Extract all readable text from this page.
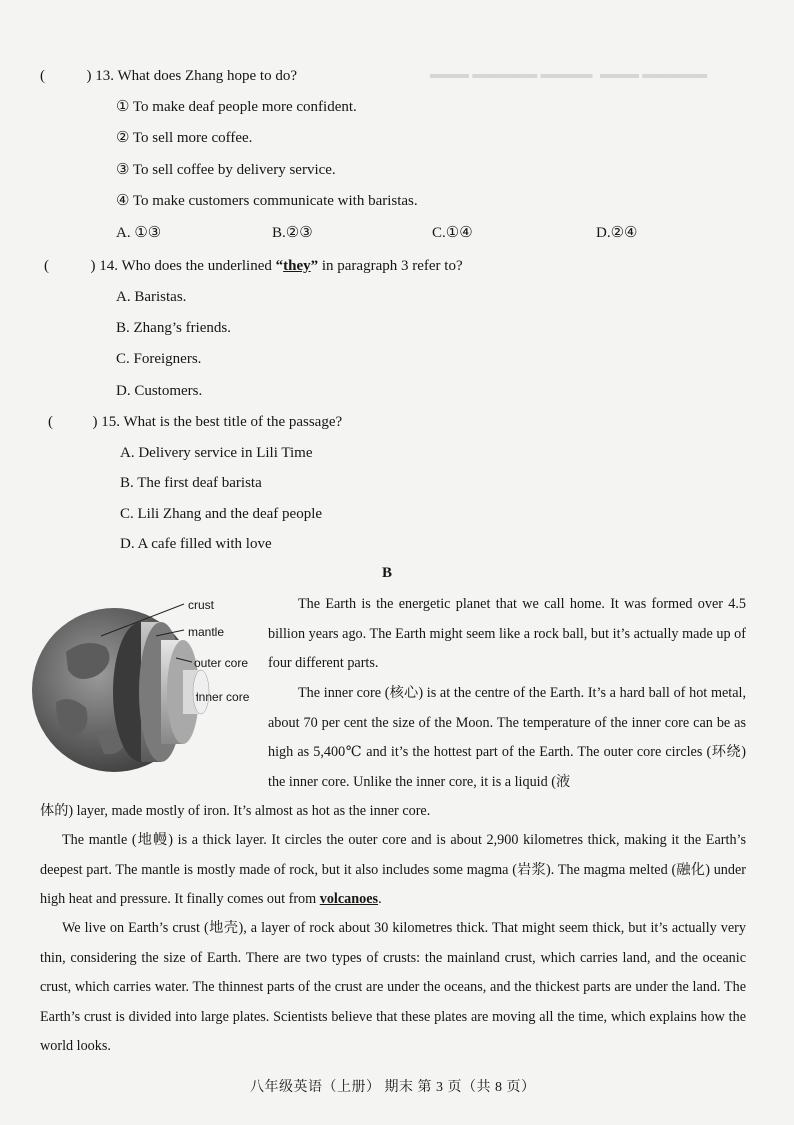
▬▬▬ ▬▬▬▬▬ ▬▬▬▬ ▬▬▬ ▬▬▬▬▬
(	) 13. What does Zhang hope to do?
① To make deaf people more confident.
② To sell more coffee.
③ To sell coffee by delivery service.
④ To make customers communicate with baristas.
A. ①③	B.②③	C.①④	D.②④
(	) 14. Who does the underlined “they” in paragraph 3 refer to?
A. Baristas.
B. Zhang’s friends.
C. Foreigners.
D. Customers.
(	) 15. What is the best title of the passage?
A. Delivery service in Lili Time
B. The first deaf barista
C. Lili Zhang and the deaf people
D. A cafe filled with love
B
crust
mantle
outer core
inner core
The Earth is the energetic planet that we call home. It was formed over 4.5 billion years ago. The Earth might seem like a rock ball, but it’s actually made up of four different parts.
The inner core (核心) is at the centre of the Earth. It’s a hard ball of hot metal, about 70 per cent the size of the Moon. The temperature of the inner core can be as high as 5,400℃ and it’s the hottest part of the Earth. The outer core circles (环绕) the inner core. Unlike the inner core, it is a liquid (液
体的) layer, made mostly of iron. It’s almost as hot as the inner core.
The mantle (地幔) is a thick layer. It circles the outer core and is about 2,900 kilometres thick, making it the Earth’s deepest part. The mantle is mostly made of rock, but it also includes some magma (岩浆). The magma melted (融化) under high heat and pressure. It finally comes out from volcanoes.
We live on Earth’s crust (地壳), a layer of rock about 30 kilometres thick. That might seem thick, but it’s actually very thin, considering the size of Earth. There are two types of crusts: the mainland crust, which carries land, and the oceanic crust, which carries water. The thinnest parts of the crust are under the oceans, and the thickest parts are under the land. The Earth’s crust is divided into large plates. Scientists believe that these plates are moving all the time, which explains how the world looks.
八年级英语（上册） 期末 第 3 页（共 8 页）
